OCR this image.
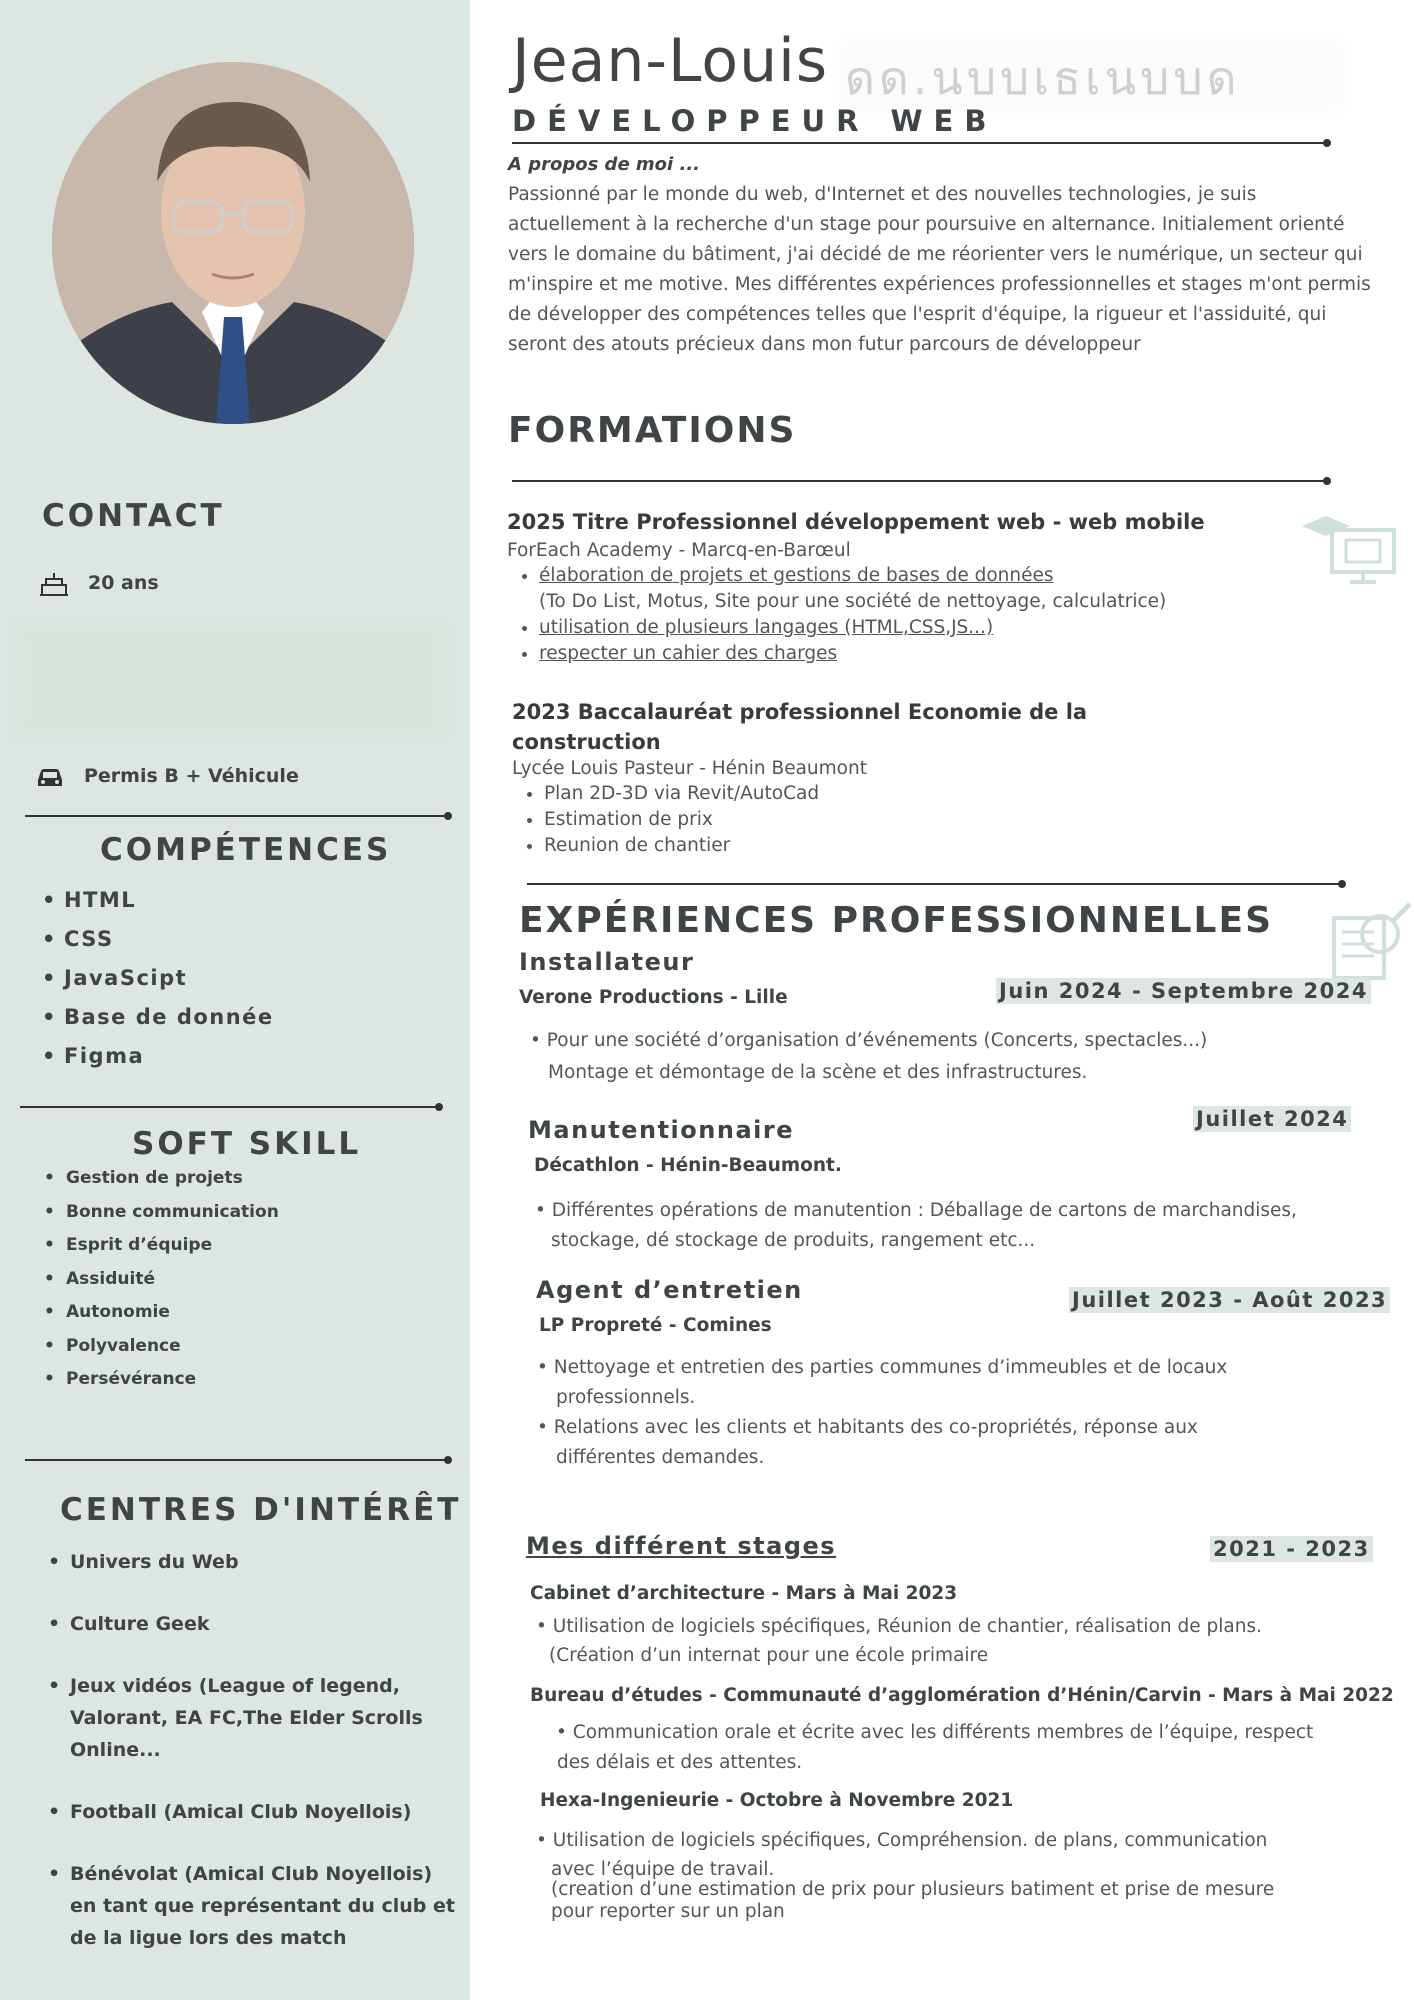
CONTACT
20 ans
Permis B + Véhicule
COMPÉTENCES
• HTML
• CSS
• JavaScipt
• Base de donnée
• Figma
SOFT SKILL
• Gestion de projets
• Bonne communication
• Esprit d’équipe
• Assiduité
• Autonomie
• Polyvalence
• Persévérance
CENTRES D'INTÉRÊT
• Univers du Web
• Culture Geek
• Jeux vidéos (League of legend, Valorant, EA FC,The Elder Scrolls Online...
• Football (Amical Club Noyellois)
• Bénévolat (Amical Club Noyellois) en tant que représentant du club et de la ligue lors des match
Jean-Louis ดด.นบบเธเนบบด
DÉVELOPPEUR WEB
A propos de moi ...

Passionné par le monde du web, d'Internet et des nouvelles technologies, je suis actuellement à la recherche d'un stage pour poursuive en alternance. Initialement orienté vers le domaine du bâtiment, j'ai décidé de me réorienter vers le numérique, un secteur qui m'inspire et me motive. Mes différentes expériences professionnelles et stages m'ont permis de développer des compétences telles que l'esprit d'équipe, la rigueur et l'assiduité, qui seront des atouts précieux dans mon futur parcours de développeur

FORMATIONS
2025 Titre Professionnel développement web - web mobile
ForEach Academy - Marcq-en-Barœul
• élaboration de projets et gestions de bases de données
(To Do List, Motus, Site pour une société de nettoyage, calculatrice)
• utilisation de plusieurs langages (HTML,CSS,JS...)
• respecter un cahier des charges
2023 Baccalauréat professionnel Economie de la construction
Lycée Louis Pasteur - Hénin Beaumont
• Plan 2D-3D via Revit/AutoCad
• Estimation de prix
• Reunion de chantier
EXPÉRIENCES PROFESSIONNELLES
Installateur
Verone Productions - Lille	Juin 2024 - Septembre 2024
• Pour une société d’organisation d’événements (Concerts, spectacles...)
Montage et démontage de la scène et des infrastructures.
Manutentionnaire	Juillet 2024
Décathlon - Hénin-Beaumont.
• Différentes opérations de manutention : Déballage de cartons de marchandises,
stockage, dé stockage de produits, rangement etc...
Agent d’entretien	Juillet 2023 - Août 2023
LP Propreté - Comines
• Nettoyage et entretien des parties communes d’immeubles et de locaux
professionnels.
• Relations avec les clients et habitants des co-propriétés, réponse aux
différentes demandes.
Mes différent stages	2021 - 2023
Cabinet d’architecture - Mars à Mai 2023
• Utilisation de logiciels spécifiques, Réunion de chantier, réalisation de plans.
(Création d’un internat pour une école primaire
Bureau d’études - Communauté d’agglomération d’Hénin/Carvin - Mars à Mai 2022
• Communication orale et écrite avec les différents membres de l’équipe, respect
des délais et des attentes.
Hexa-Ingenieurie - Octobre à Novembre 2021
• Utilisation de logiciels spécifiques, Compréhension. de plans, communication
avec l’équipe de travail.
(creation d’une estimation de prix pour plusieurs batiment et prise de mesure
pour reporter sur un plan
